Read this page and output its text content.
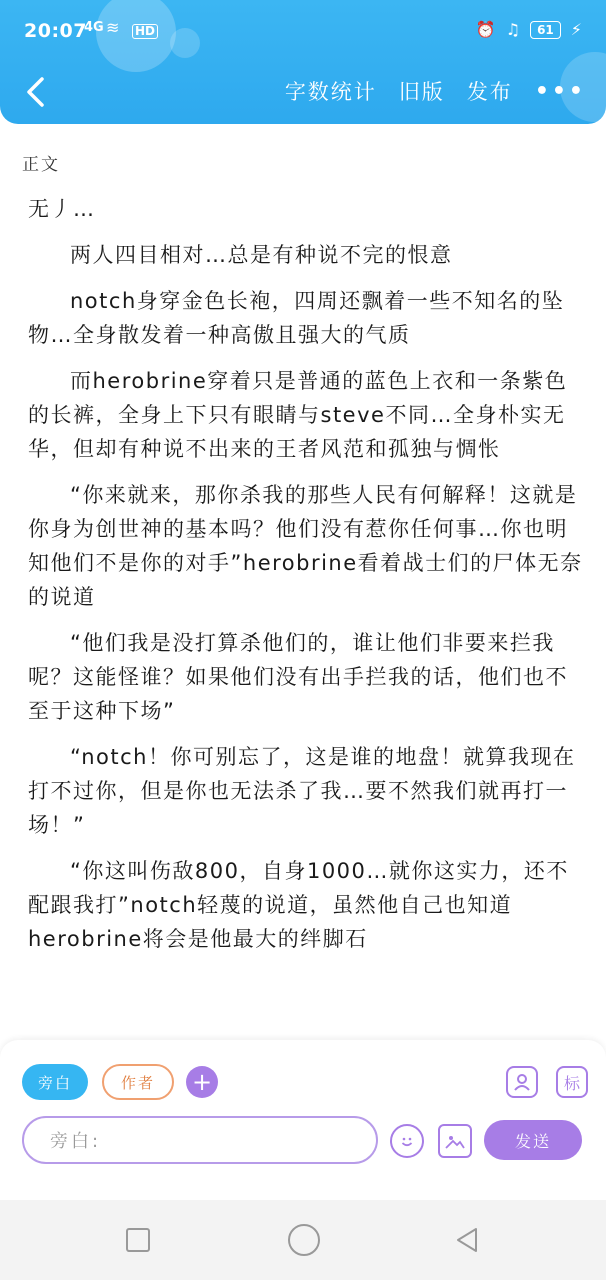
20:07
4G ≋ HD	⏰ ♫	61	⚡
字数统计 旧版 发布 •••
正文

无丿…

两人四目相对…总是有种说不完的恨意

notch身穿金色长袍，四周还飘着一些不知名的坠物…全身散发着一种高傲且强大的气质

而herobrine穿着只是普通的蓝色上衣和一条紫色的长裤，全身上下只有眼睛与steve不同…全身朴实无华，但却有种说不出来的王者风范和孤独与惆怅

“你来就来，那你杀我的那些人民有何解释！这就是你身为创世神的基本吗？他们没有惹你任何事…你也明知他们不是你的对手”herobrine看着战士们的尸体无奈的说道

“他们我是没打算杀他们的，谁让他们非要来拦我呢？这能怪谁？如果他们没有出手拦我的话，他们也不至于这种下场”

“notch！你可别忘了，这是谁的地盘！就算我现在打不过你，但是你也无法杀了我…要不然我们就再打一场！”

“你这叫伤敌800，自身1000…就你这实力，还不配跟我打”notch轻蔑的说道，虽然他自己也知道herobrine将会是他最大的绊脚石

旁白	作者	+	标
旁白:	发送
